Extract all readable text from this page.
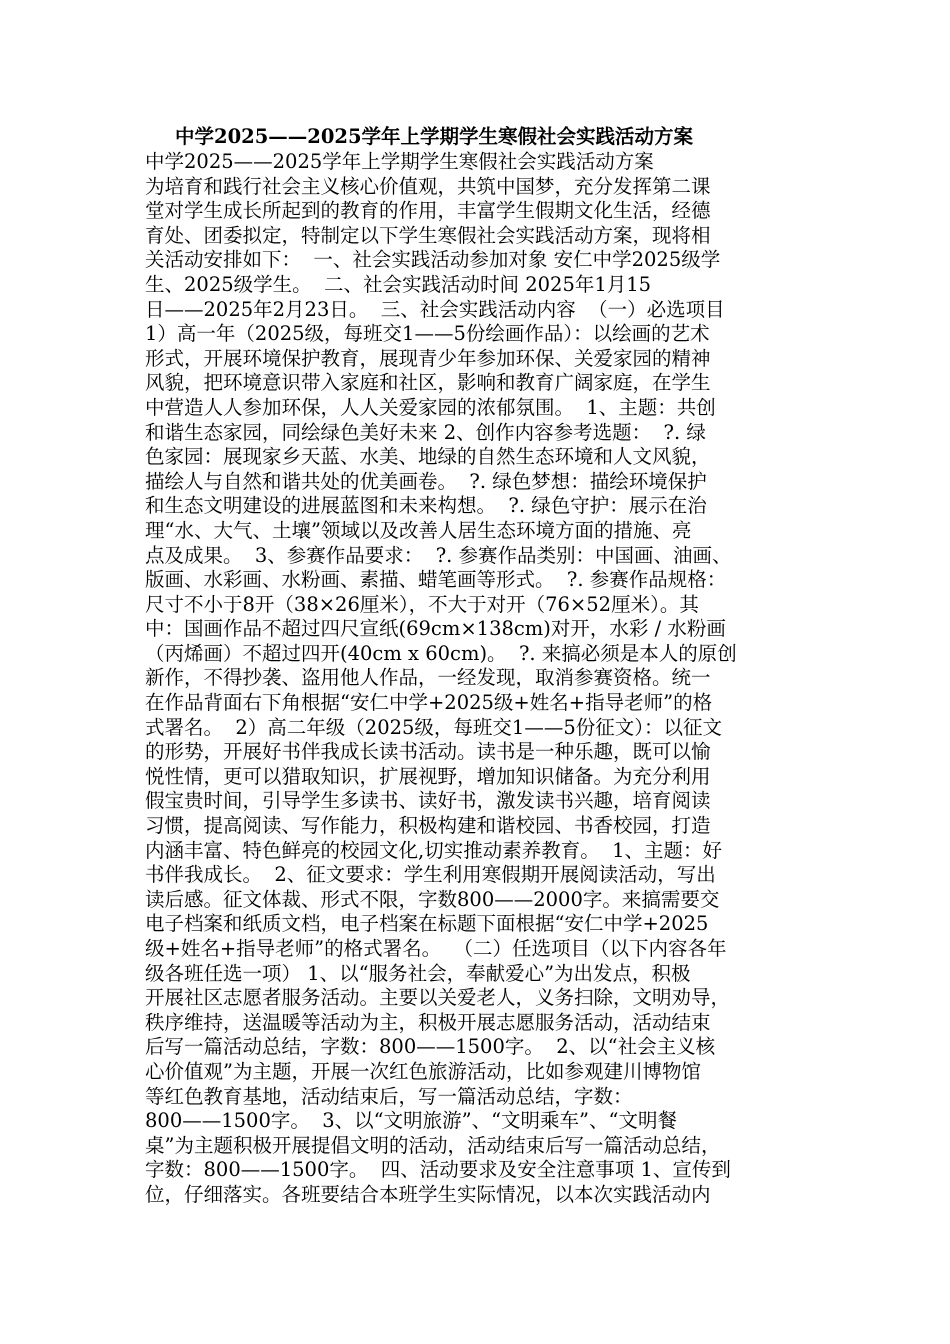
中学2025——2025学年上学期学生寒假社会实践活动方案

中学2025——2025学年上学期学生寒假社会实践活动方案
为培育和践行社会主义核心价值观，共筑中国梦，充分发挥第二课
堂对学生成长所起到的教育的作用，丰富学生假期文化生活，经德
育处、团委拟定，特制定以下学生寒假社会实践活动方案，现将相
关活动安排如下：  一、社会实践活动参加对象 安仁中学2025级学
生、2025级学生。  二、社会实践活动时间 2025年1月15
日——2025年2月23日。  三、社会实践活动内容  （一）必选项目
1）高一年（2025级，每班交1——5份绘画作品）：以绘画的艺术
形式，开展环境保护教育，展现青少年参加环保、关爱家园的精神
风貌，把环境意识带入家庭和社区，影响和教育广阔家庭，在学生
中营造人人参加环保，人人关爱家园的浓郁氛围。  1、主题：共创
和谐生态家园，同绘绿色美好未来 2、创作内容参考选题：  ?. 绿
色家园：展现家乡天蓝、水美、地绿的自然生态环境和人文风貌，
描绘人与自然和谐共处的优美画卷。  ?. 绿色梦想：描绘环境保护
和生态文明建设的进展蓝图和未来构想。  ?. 绿色守护：展示在治
理“水、大气、土壤”领域以及改善人居生态环境方面的措施、亮
点及成果。  3、参赛作品要求：  ?. 参赛作品类别：中国画、油画、
版画、水彩画、水粉画、素描、蜡笔画等形式。  ?. 参赛作品规格：
尺寸不小于8开（38×26厘米），不大于对开（76×52厘米）。其
中：国画作品不超过四尺宣纸(69cm×138cm)对开，水彩 / 水粉画
（丙烯画）不超过四开(40cm x 60cm)。  ?. 来搞必须是本人的原创
新作，不得抄袭、盗用他人作品，一经发现，取消参赛资格。统一
在作品背面右下角根据“安仁中学+2025级+姓名+指导老师”的格
式署名。  2）高二年级（2025级，每班交1——5份征文）：以征文
的形势，开展好书伴我成长读书活动。读书是一种乐趣，既可以愉
悦性情，更可以猎取知识，扩展视野，增加知识储备。为充分利用
假宝贵时间，引导学生多读书、读好书，激发读书兴趣，培育阅读
习惯，提高阅读、写作能力，积极构建和谐校园、书香校园，打造
内涵丰富、特色鲜亮的校园文化,切实推动素养教育。  1、主题：好
书伴我成长。  2、征文要求：学生利用寒假期开展阅读活动，写出
读后感。征文体裁、形式不限，字数800——2000字。来搞需要交
电子档案和纸质文档，电子档案在标题下面根据“安仁中学+2025
级+姓名+指导老师”的格式署名。  （二）任选项目（以下内容各年
级各班任选一项） 1、以“服务社会，奉献爱心”为出发点，积极
开展社区志愿者服务活动。主要以关爱老人，义务扫除，文明劝导，
秩序维持，送温暖等活动为主，积极开展志愿服务活动，活动结束
后写一篇活动总结，字数：800——1500字。  2、以“社会主义核
心价值观”为主题，开展一次红色旅游活动，比如参观建川博物馆
等红色教育基地，活动结束后，写一篇活动总结，字数：
800——1500字。  3、以“文明旅游”、“文明乘车”、“文明餐
桌”为主题积极开展提倡文明的活动，活动结束后写一篇活动总结，
字数：800——1500字。  四、活动要求及安全注意事项 1、宣传到
位，仔细落实。各班要结合本班学生实际情况，以本次实践活动内
